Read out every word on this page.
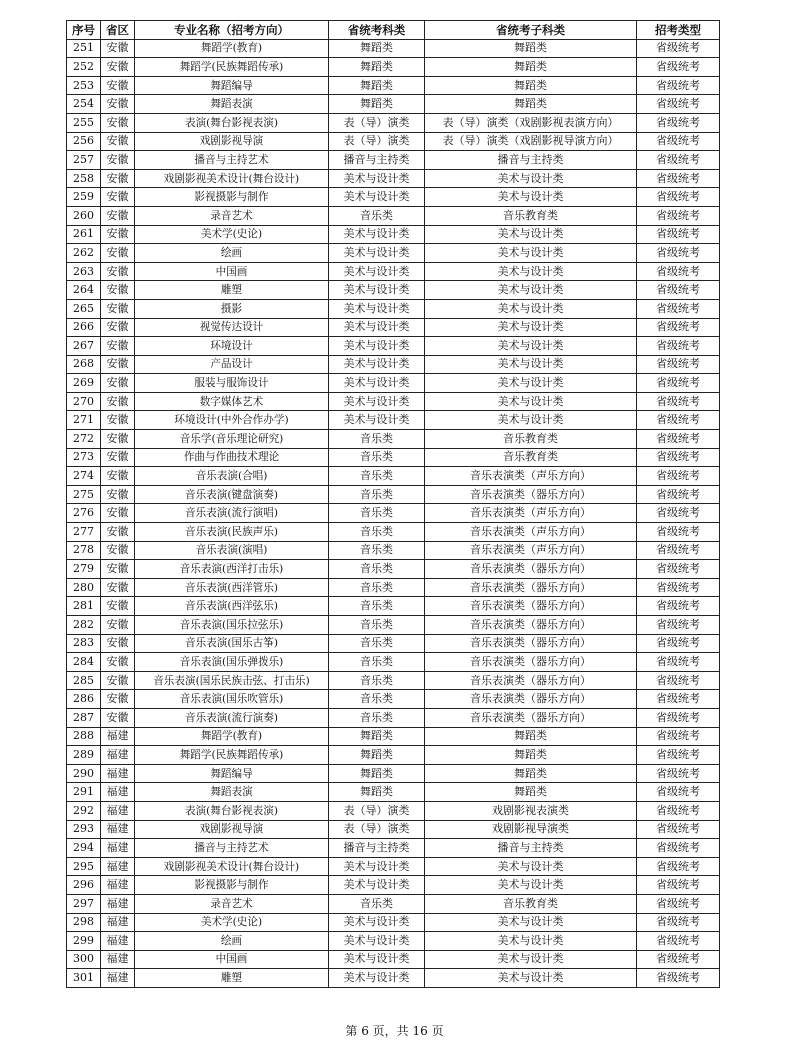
序号	省区	专业名称（招考方向）	省统考科类	省统考子科类	招考类型
251	安徽	舞蹈学(教育)	舞蹈类	舞蹈类	省级统考
252	安徽	舞蹈学(民族舞蹈传承)	舞蹈类	舞蹈类	省级统考
253	安徽	舞蹈编导	舞蹈类	舞蹈类	省级统考
254	安徽	舞蹈表演	舞蹈类	舞蹈类	省级统考
255	安徽	表演(舞台影视表演)	表（导）演类	表（导）演类（戏剧影视表演方向）	省级统考
256	安徽	戏剧影视导演	表（导）演类	表（导）演类（戏剧影视导演方向）	省级统考
257	安徽	播音与主持艺术	播音与主持类	播音与主持类	省级统考
258	安徽	戏剧影视美术设计(舞台设计)	美术与设计类	美术与设计类	省级统考
259	安徽	影视摄影与制作	美术与设计类	美术与设计类	省级统考
260	安徽	录音艺术	音乐类	音乐教育类	省级统考
261	安徽	美术学(史论)	美术与设计类	美术与设计类	省级统考
262	安徽	绘画	美术与设计类	美术与设计类	省级统考
263	安徽	中国画	美术与设计类	美术与设计类	省级统考
264	安徽	雕塑	美术与设计类	美术与设计类	省级统考
265	安徽	摄影	美术与设计类	美术与设计类	省级统考
266	安徽	视觉传达设计	美术与设计类	美术与设计类	省级统考
267	安徽	环境设计	美术与设计类	美术与设计类	省级统考
268	安徽	产品设计	美术与设计类	美术与设计类	省级统考
269	安徽	服装与服饰设计	美术与设计类	美术与设计类	省级统考
270	安徽	数字媒体艺术	美术与设计类	美术与设计类	省级统考
271	安徽	环境设计(中外合作办学)	美术与设计类	美术与设计类	省级统考
272	安徽	音乐学(音乐理论研究)	音乐类	音乐教育类	省级统考
273	安徽	作曲与作曲技术理论	音乐类	音乐教育类	省级统考
274	安徽	音乐表演(合唱)	音乐类	音乐表演类（声乐方向）	省级统考
275	安徽	音乐表演(键盘演奏)	音乐类	音乐表演类（器乐方向）	省级统考
276	安徽	音乐表演(流行演唱)	音乐类	音乐表演类（声乐方向）	省级统考
277	安徽	音乐表演(民族声乐)	音乐类	音乐表演类（声乐方向）	省级统考
278	安徽	音乐表演(演唱)	音乐类	音乐表演类（声乐方向）	省级统考
279	安徽	音乐表演(西洋打击乐)	音乐类	音乐表演类（器乐方向）	省级统考
280	安徽	音乐表演(西洋管乐)	音乐类	音乐表演类（器乐方向）	省级统考
281	安徽	音乐表演(西洋弦乐)	音乐类	音乐表演类（器乐方向）	省级统考
282	安徽	音乐表演(国乐拉弦乐)	音乐类	音乐表演类（器乐方向）	省级统考
283	安徽	音乐表演(国乐古筝)	音乐类	音乐表演类（器乐方向）	省级统考
284	安徽	音乐表演(国乐弹拨乐)	音乐类	音乐表演类（器乐方向）	省级统考
285	安徽	音乐表演(国乐民族击弦、打击乐)	音乐类	音乐表演类（器乐方向）	省级统考
286	安徽	音乐表演(国乐吹管乐)	音乐类	音乐表演类（器乐方向）	省级统考
287	安徽	音乐表演(流行演奏)	音乐类	音乐表演类（器乐方向）	省级统考
288	福建	舞蹈学(教育)	舞蹈类	舞蹈类	省级统考
289	福建	舞蹈学(民族舞蹈传承)	舞蹈类	舞蹈类	省级统考
290	福建	舞蹈编导	舞蹈类	舞蹈类	省级统考
291	福建	舞蹈表演	舞蹈类	舞蹈类	省级统考
292	福建	表演(舞台影视表演)	表（导）演类	戏剧影视表演类	省级统考
293	福建	戏剧影视导演	表（导）演类	戏剧影视导演类	省级统考
294	福建	播音与主持艺术	播音与主持类	播音与主持类	省级统考
295	福建	戏剧影视美术设计(舞台设计)	美术与设计类	美术与设计类	省级统考
296	福建	影视摄影与制作	美术与设计类	美术与设计类	省级统考
297	福建	录音艺术	音乐类	音乐教育类	省级统考
298	福建	美术学(史论)	美术与设计类	美术与设计类	省级统考
299	福建	绘画	美术与设计类	美术与设计类	省级统考
300	福建	中国画	美术与设计类	美术与设计类	省级统考
301	福建	雕塑	美术与设计类	美术与设计类	省级统考
第 6 页，共 16 页
